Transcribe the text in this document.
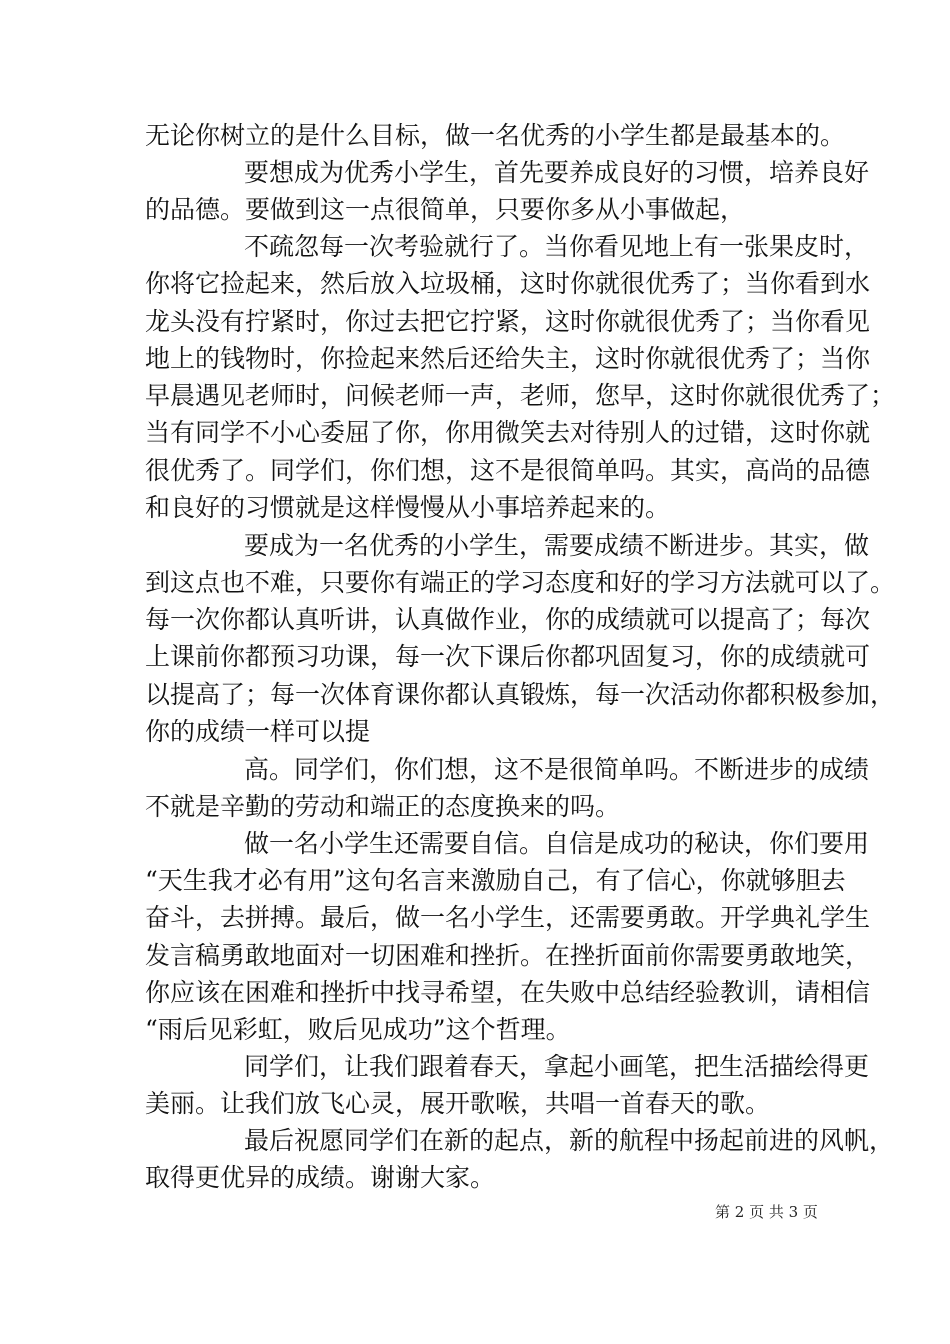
无论你树立的是什么目标，做一名优秀的小学生都是最基本的。
要想成为优秀小学生，首先要养成良好的习惯，培养良好
的品德。要做到这一点很简单，只要你多从小事做起，
不疏忽每一次考验就行了。当你看见地上有一张果皮时，
你将它捡起来，然后放入垃圾桶，这时你就很优秀了；当你看到水
龙头没有拧紧时，你过去把它拧紧，这时你就很优秀了；当你看见
地上的钱物时，你捡起来然后还给失主，这时你就很优秀了；当你
早晨遇见老师时，问候老师一声，老师，您早，这时你就很优秀了；
当有同学不小心委屈了你，你用微笑去对待别人的过错，这时你就
很优秀了。同学们，你们想，这不是很简单吗。其实，高尚的品德
和良好的习惯就是这样慢慢从小事培养起来的。
要成为一名优秀的小学生，需要成绩不断进步。其实，做
到这点也不难，只要你有端正的学习态度和好的学习方法就可以了。
每一次你都认真听讲，认真做作业，你的成绩就可以提高了；每次
上课前你都预习功课，每一次下课后你都巩固复习，你的成绩就可
以提高了；每一次体育课你都认真锻炼，每一次活动你都积极参加，
你的成绩一样可以提
高。同学们，你们想，这不是很简单吗。不断进步的成绩
不就是辛勤的劳动和端正的态度换来的吗。
做一名小学生还需要自信。自信是成功的秘诀，你们要用
“天生我才必有用”这句名言来激励自己，有了信心，你就够胆去
奋斗，去拼搏。最后，做一名小学生，还需要勇敢。开学典礼学生
发言稿勇敢地面对一切困难和挫折。在挫折面前你需要勇敢地笑，
你应该在困难和挫折中找寻希望，在失败中总结经验教训，请相信
“雨后见彩虹，败后见成功”这个哲理。
同学们，让我们跟着春天，拿起小画笔，把生活描绘得更
美丽。让我们放飞心灵，展开歌喉，共唱一首春天的歌。
最后祝愿同学们在新的起点，新的航程中扬起前进的风帆，
取得更优异的成绩。谢谢大家。
第 2 页 共 3 页
